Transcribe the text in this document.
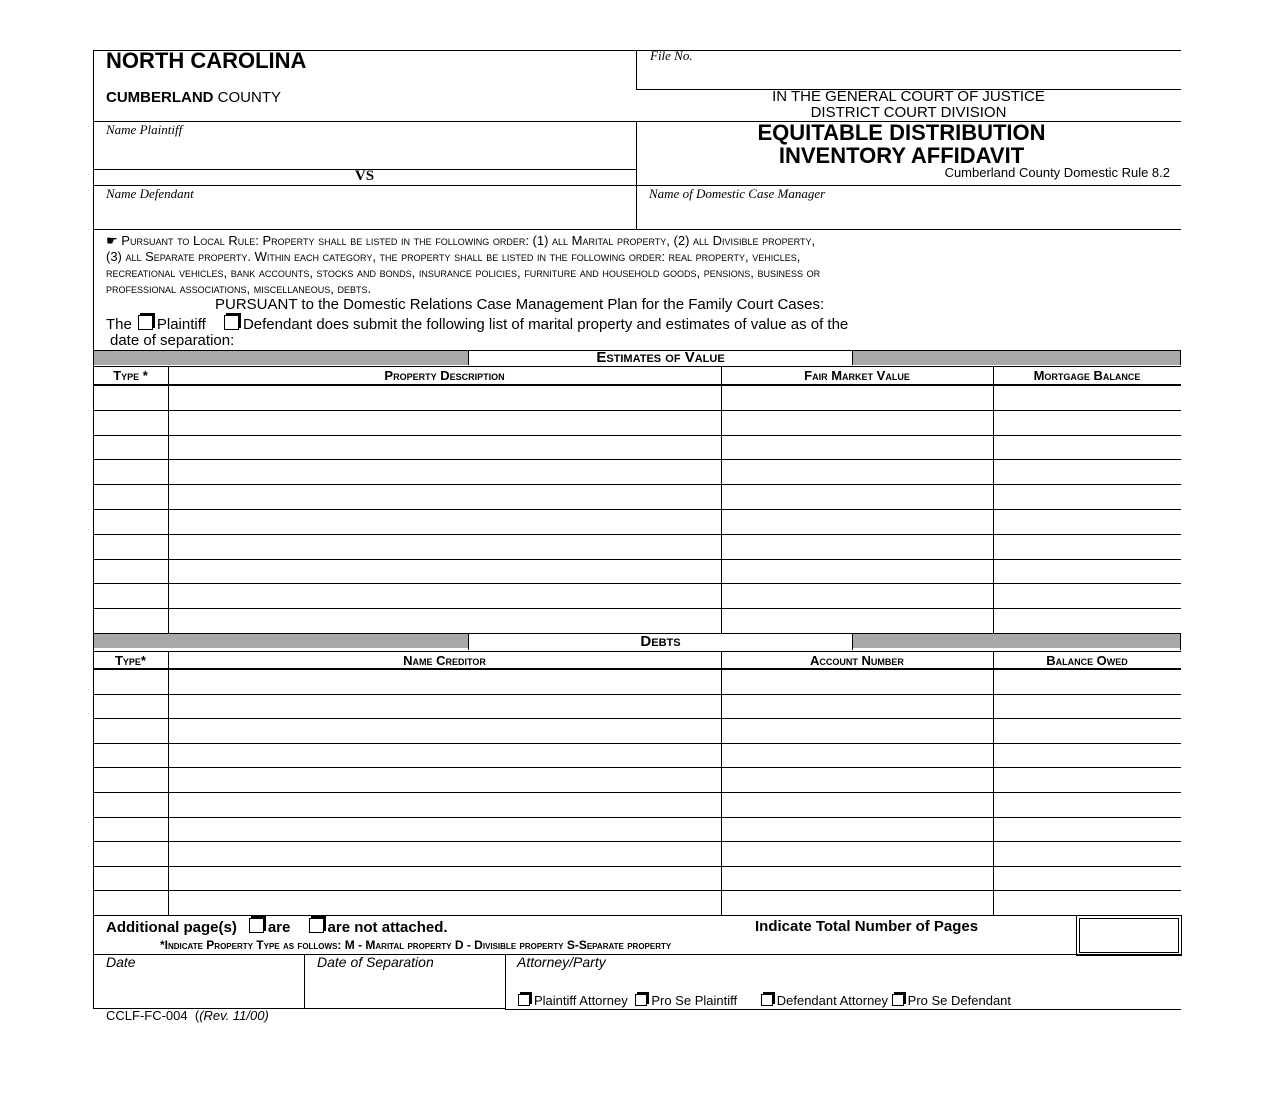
NORTH CAROLINA
CUMBERLAND COUNTY
File No.
IN THE GENERAL COURT OF JUSTICE
DISTRICT COURT DIVISION
Name Plaintiff
VS
Name Defendant
EQUITABLE DISTRIBUTION
INVENTORY AFFIDAVIT
Cumberland County Domestic Rule 8.2
Name of Domestic Case Manager
☛ Pursuant to Local Rule: Property shall be listed in the following order: (1) all Marital property, (2) all Divisible property,
(3) all Separate property. Within each category, the property shall be listed in the following order: real property, vehicles,
recreational vehicles, bank accounts, stocks and bonds, insurance policies, furniture and household goods, pensions, business or
professional associations, miscellaneous, debts.
PURSUANT to the Domestic Relations Case Management Plan for the Family Court Cases:
The Plaintiff Defendant does submit the following list of marital property and estimates of value as of the
date of separation:
Estimates of Value
Type *	Property Description	Fair Market Value	Mortgage Balance
Debts
Type*	Name Creditor	Account Number	Balance Owed
Additional page(s) are are not attached.	Indicate Total Number of Pages
*Indicate Property Type as follows: M - Marital property D - Divisible property S-Separate property
Date	Date of Separation	Attorney/Party
Plaintiff Attorney Pro Se Plaintiff	Defendant Attorney Pro Se Defendant
CCLF-FC-004  ((Rev. 11/00)
